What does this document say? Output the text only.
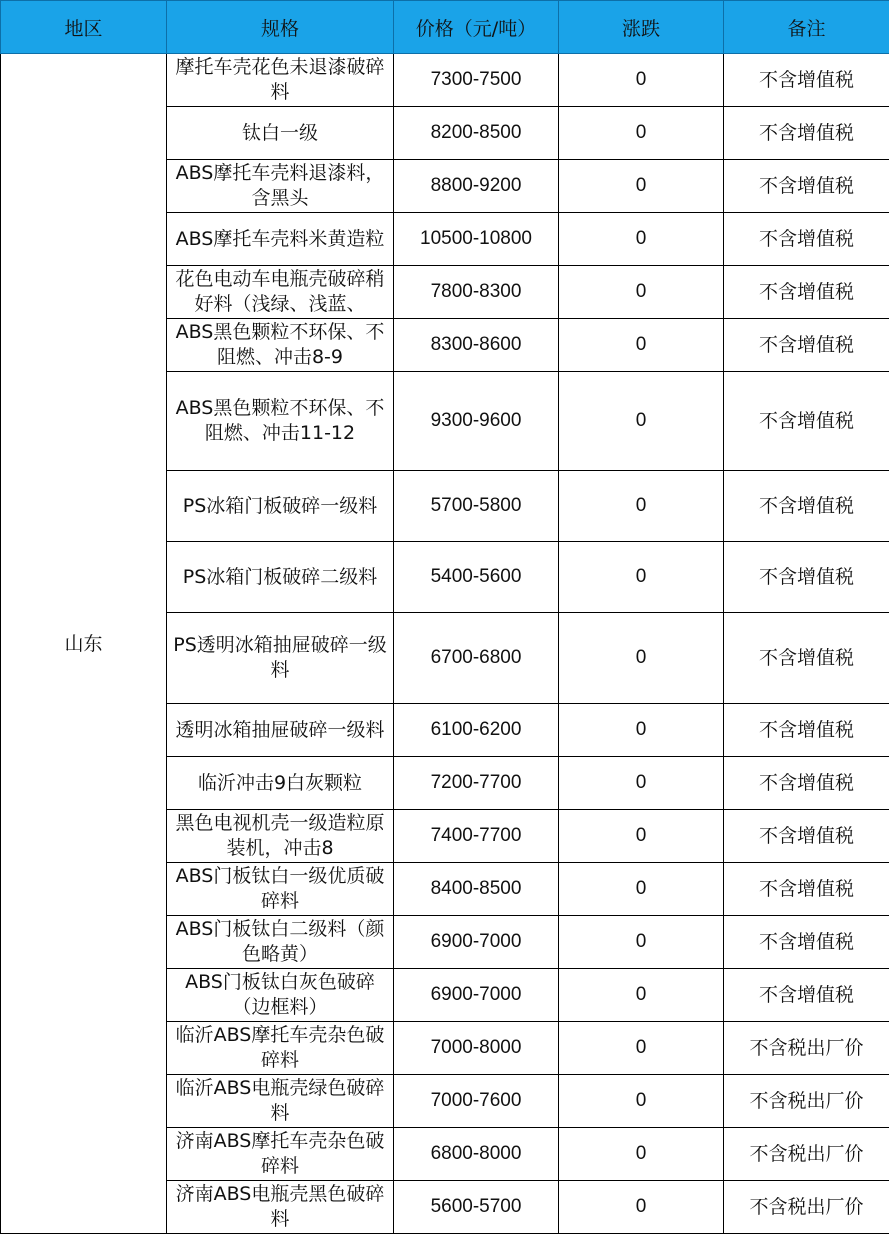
地区	规格	价格（元/吨）	涨跌	备注
山东	摩托车壳花色未退漆破碎料	7300-7500	0	不含增值税

	钛白一级	8200-8500	0	不含增值税

	ABS摩托车壳料退漆料，含黑头	8800-9200	0	不含增值税

	ABS摩托车壳料米黄造粒	10500-10800	0	不含增值税

	花色电动车电瓶壳破碎稍好料（浅绿、浅蓝、	7800-8300	0	不含增值税

	ABS黑色颗粒不环保、不阻燃、冲击8-9	8300-8600	0	不含增值税

	ABS黑色颗粒不环保、不阻燃、冲击11-12	9300-9600	0	不含增值税

	PS冰箱门板破碎一级料	5700-5800	0	不含增值税

	PS冰箱门板破碎二级料	5400-5600	0	不含增值税

	PS透明冰箱抽屉破碎一级料	6700-6800	0	不含增值税

	透明冰箱抽屉破碎一级料	6100-6200	0	不含增值税

	临沂冲击9白灰颗粒	7200-7700	0	不含增值税

	黑色电视机壳一级造粒原装机，冲击8	7400-7700	0	不含增值税

	ABS门板钛白一级优质破碎料	8400-8500	0	不含增值税

	ABS门板钛白二级料（颜色略黄）	6900-7000	0	不含增值税

	ABS门板钛白灰色破碎（边框料）	6900-7000	0	不含增值税

	临沂ABS摩托车壳杂色破碎料	7000-8000	0	不含税出厂价

	临沂ABS电瓶壳绿色破碎料	7000-7600	0	不含税出厂价

	济南ABS摩托车壳杂色破碎料	6800-8000	0	不含税出厂价

	济南ABS电瓶壳黑色破碎料	5600-5700	0	不含税出厂价
